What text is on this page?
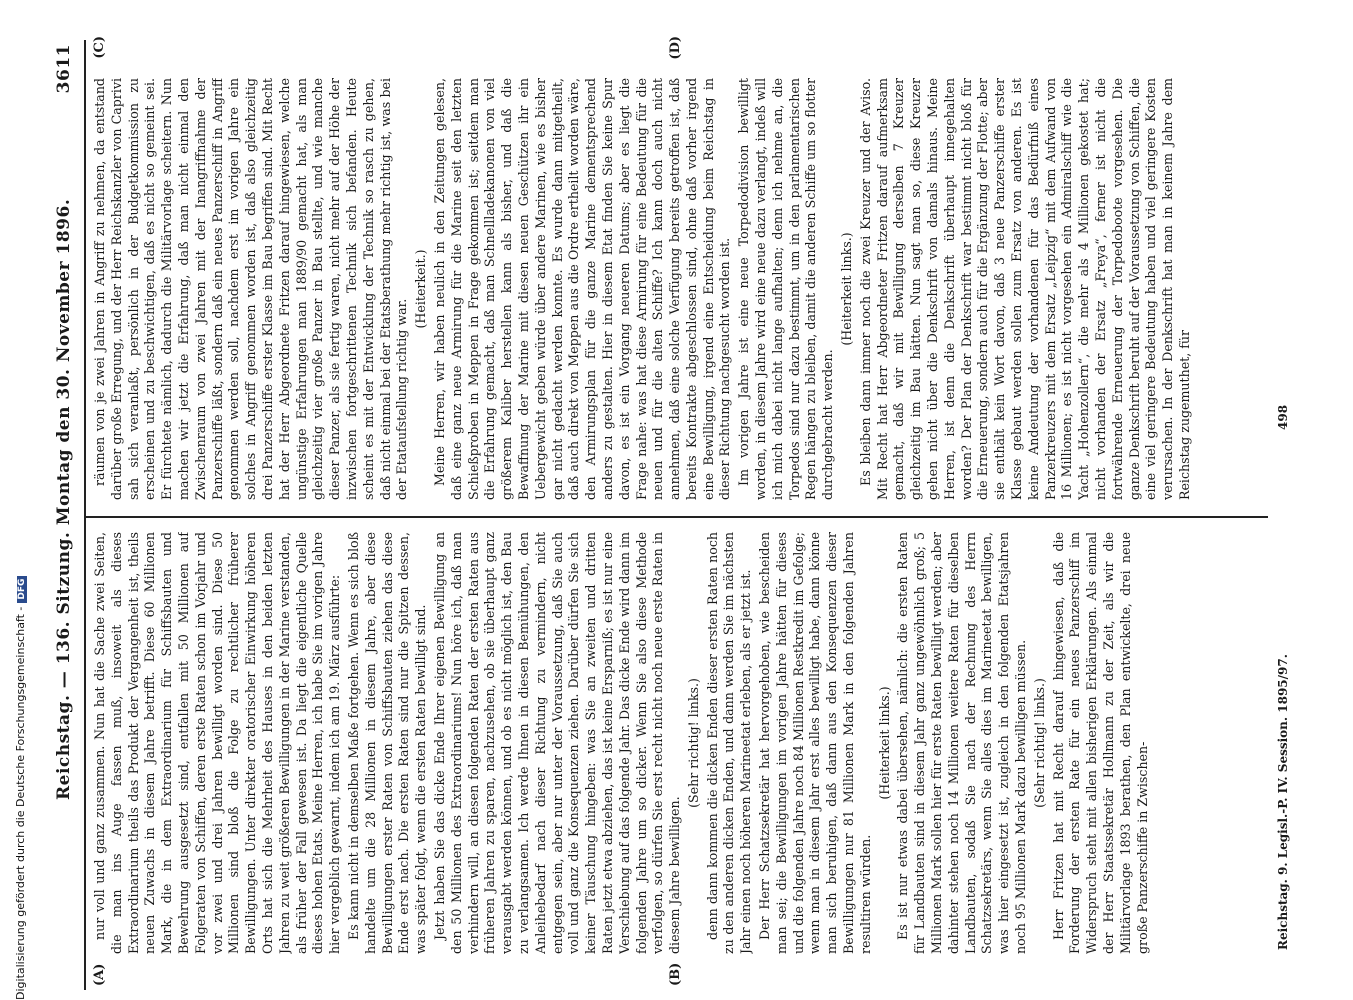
Reichstag. — 136. Sitzung. Montag den 30. November 1896.
3611
(A)	(B)
(C)	(D)

nur voll und ganz zusammen. Nun hat die Sache zwei Seiten, die man ins Auge fassen muß, insoweit als dieses Extraordinarium theils das Produkt der Vergangenheit ist, theils neuen Zuwachs in diesem Jahre betrifft. Diese 60 Millionen Mark, die in dem Extraordinarium für Schiffsbauten und Bewehrung ausgesetzt sind, entfallen mit 50 Millionen auf Folgeraten von Schiffen, deren erste Raten schon im Vorjahr und vor zwei und drei Jahren bewilligt worden sind. Diese 50 Millionen sind bloß die Folge zu rechtlicher früherer Bewilligungen. Unter direkter oratorischer Einwirkung höheren Orts hat sich die Mehrheit des Hauses in den beiden letzten Jahren zu weit größeren Bewilligungen in der Marine verstanden, als früher der Fall gewesen ist. Da liegt die eigentliche Quelle dieses hohen Etats. Meine Herren, ich habe Sie im vorigen Jahre hier vergeblich gewarnt, indem ich am 19. März ausführte: Es kann nicht in demselben Maße fortgehen. Wenn es sich bloß handelte um die 28 Millionen in diesem Jahre, aber diese Bewilligungen erster Raten von Schiffsbauten ziehen das diese Ende erst nach. Die ersten Raten sind nur die Spitzen dessen, was später folgt, wenn die ersten Raten bewilligt sind. Jetzt haben Sie das dicke Ende Ihrer eigenen Bewilligung an den 50 Millionen des Extraordinariums! Nun höre ich, daß man verhindern will, an diesen folgenden Raten der ersten Raten aus früheren Jahren zu sparen, nachzusehen, ob sie überhaupt ganz verausgabt werden können, und ob es nicht möglich ist, den Bau zu verlangsamen. Ich werde Ihnen in diesen Bemühungen, den Anleihebedarf nach dieser Richtung zu vermindern, nicht entgegen sein, aber nur unter der Voraussetzung, daß Sie auch voll und ganz die Konsequenzen ziehen. Darüber dürfen Sie sich keiner Täuschung hingeben: was Sie an zweiten und dritten Raten jetzt etwa abziehen, das ist keine Ersparniß; es ist nur eine Verschiebung auf das folgende Jahr. Das dicke Ende wird dann im folgenden Jahre um so dicker. Wenn Sie also diese Methode verfolgen, so dürfen Sie erst recht nicht noch neue erste Raten in diesem Jahre bewilligen.

(Sehr richtig! links.) denn dann kommen die dicken Enden dieser ersten Raten noch zu den anderen dicken Enden, und dann werden Sie im nächsten Jahr einen noch höheren Marineetat erleben, als er jetzt ist. Der Herr Schatzsekretär hat hervorgehoben, wie bescheiden man sei; die Bewilligungen im vorigen Jahre hätten für dieses und die folgenden Jahre noch 84 Millionen Restkredit im Gefolge; wenn man in diesem Jahr erst alles bewilligt habe, dann könne man sich beruhigen, daß dann aus den Konsequenzen dieser Bewilligungen nur 81 Millionen Mark in den folgenden Jahren resultiren würden.

(Heiterkeit links.) Es ist nur etwas dabei übersehen, nämlich: die ersten Raten für Landbauten sind in diesem Jahr ganz ungewöhnlich groß; 5 Millionen Mark sollen hier für erste Raten bewilligt werden; aber dahinter stehen noch 14 Millionen weitere Raten für dieselben Landbauten, sodaß Sie nach der Rechnung des Herrn Schatzsekretärs, wenn Sie alles dies im Marineetat bewilligen, was hier eingesetzt ist, zugleich in den folgenden Etatsjahren noch 95 Millionen Mark dazu bewilligen müssen. (Sehr richtig! links.) Herr Fritzen hat mit Recht darauf hingewiesen, daß die Forderung der ersten Rate für ein neues Panzerschiff im Widerspruch steht mit allen bisherigen Erklärungen. Als einmal der Herr Staatssekretär Hollmann zu der Zeit, als wir die Militärvorlage 1893 berathen, den Plan entwickelte, drei neue große Panzerschiffe in Zwischen-

räumen von je zwei Jahren in Angriff zu nehmen, da entstand darüber große Erregung, und der Herr Reichskanzler von Caprivi sah sich veranlaßt, persönlich in der Budgetkommission zu erscheinen und zu beschwichtigen, daß es nicht so gemeint sei. Er fürchtete nämlich, dadurch die Militärvorlage scheitern. Nun machen wir jetzt die Erfahrung, daß man nicht einmal den Zwischenraum von zwei Jahren mit der Inangriffnahme der Panzerschiffe läßt, sondern daß ein neues Panzerschiff in Angriff genommen werden soll, nachdem erst im vorigen Jahre ein solches in Angriff genommen worden ist, daß also gleichzeitig drei Panzerschiffe erster Klasse im Bau begriffen sind. Mit Recht hat der Herr Abgeordnete Fritzen darauf hingewiesen, welche ungünstige Erfahrungen man 1889/90 gemacht hat, als man gleichzeitig vier große Panzer in Bau stellte, und wie manche dieser Panzer, als sie fertig waren, nicht mehr auf der Höhe der inzwischen fortgeschrittenen Technik sich befanden. Heute scheint es mit der Entwicklung der Technik so rasch zu gehen, daß nicht einmal bei der Etatsberathung mehr richtig ist, was bei der Etataufstellung richtig war.

(Heiterkeit.) Meine Herren, wir haben neulich in den Zeitungen gelesen, daß eine ganz neue Armirung für die Marine seit den letzten Schießproben in Meppen in Frage gekommen ist; seitdem man die Erfahrung gemacht, daß man Schnellladekanonen von viel größerem Kaliber herstellen kann als bisher, und daß die Bewaffnung der Marine mit diesen neuen Geschützen ihr ein Uebergewicht geben würde über andere Marinen, wie es bisher gar nicht gedacht werden konnte. Es wurde dann mitgetheilt, daß auch direkt von Meppen aus die Ordre ertheilt worden wäre, den Armirungsplan für die ganze Marine dementsprechend anders zu gestalten. Hier in diesem Etat finden Sie keine Spur davon, es ist ein Vorgang neueren Datums; aber es liegt die Frage nahe: was hat diese Armirung für eine Bedeutung für die neuen und für die alten Schiffe? Ich kann doch auch nicht annehmen, daß eine solche Verfügung bereits getroffen ist, daß bereits Kontrakte abgeschlossen sind, ohne daß vorher irgend eine Bewilligung, irgend eine Entscheidung beim Reichstag in dieser Richtung nachgesucht worden ist. Im vorigen Jahre ist eine neue Torpedodivision bewilligt worden, in diesem Jahre wird eine neue dazu verlangt, indeß will ich mich dabei nicht lange aufhalten; denn ich nehme an, die Torpedos sind nur dazu bestimmt, um in den parlamentarischen Regen hängen zu bleiben, damit die anderen Schiffe um so flotter durchgebracht werden.

(Heiterkeit links.) Es bleiben dann immer noch die zwei Kreuzer und der Aviso. Mit Recht hat Herr Abgeordneter Fritzen darauf aufmerksam gemacht, daß wir mit Bewilligung derselben 7 Kreuzer gleichzeitig im Bau hätten. Nun sagt man so, diese Kreuzer gehen nicht über die Denkschrift von damals hinaus. Meine Herren, ist denn die Denkschrift überhaupt innegehalten worden? Der Plan der Denkschrift war bestimmt nicht bloß für die Erneuerung, sondern auch für die Ergänzung der Flotte; aber sie enthält kein Wort davon, daß 3 neue Panzerschiffe erster Klasse gebaut werden sollen zum Ersatz von anderen. Es ist keine Andeutung der vorhandenen für das Bedürfniß eines Panzerkreuzers mit dem Ersatz „Leipzig“ mit dem Aufwand von 16 Millionen; es ist nicht vorgesehen ein Admiralschiff wie die Yacht „Hohenzollern“, die mehr als 4 Millionen gekostet hat; nicht vorhanden der Ersatz „Freya“, ferner ist nicht die fortwährende Erneuerung der Torpedoboote vorgesehen. Die ganze Denkschrift beruht auf der Voraussetzung von Schiffen, die eine viel geringere Bedeutung haben und viel geringere Kosten verursachen. In der Denkschrift hat man in keinem Jahre dem Reichstag zugemuthet, für

Reichstag. 9. Legisl.-P. IV. Session. 1895/97.
498
Digitalisierung gefördert durch die Deutsche Forschungsgemeinschaft -DFG
